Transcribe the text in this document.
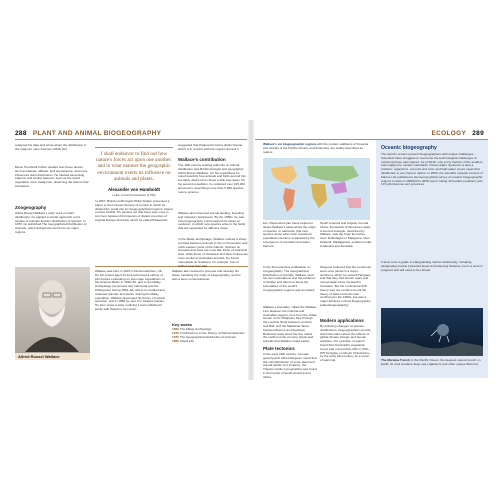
288 PLANT AND ANIMAL BIOGEOGRAPHY	ECOLOGY 289
analysed his data and wrote about the distribution in the magnum opus Kosmos (1845–62).
Baron Humboldt further studied how these factors such as latitude, altitude, and temperature, and more influenced plant distribution. He tracked ascending patterns and similar features, such as the world vegetation zone categories, observing the factors that interacted.
Zoogeography
Alfred Russel Wallace's early work on plant distribution, he applied a similar approach to his studies of animals and the distribution of species. In 1876, he published The Geographical Distribution of Animals, which divided the world into six major regions.
Alfred Russel Wallace
I shall endeavor to find out how nature's forces act upon one another, and in what manner the geographic environment exerts its influence on animals and plants.
Alexander von Humboldt
Letter to Karl Freiesleben (1799)
In 1857, British ornithologist Philip Sclater presented a paper to the Linnean Society of London in which he divided the world into six biogeographical regions, based on their birdlife. He pointed out that there was more in common between bird species of distant countries of tropical Europe and Asia, which he called Palaearctic.
Wallace was born in 1823 in Monmouthshire, UK. He left school aged 14 and performed a variety of jobs before embarking on two major expeditions: to the Amazon Basin in 1848–52, and to the Malay Archipelago (at present-day Indonesia and the Philippines) during 1854–62, where he studied and collected animals and plants. During his Malay expedition, Wallace developed his theory of natural selection, and in 1858 he sent it to Charles Darwin. He then wrote a letter outlining it and published it jointly with Darwin's own work.
suggested that Palaearctic had a distinct fauna, which is in tension with the regions around it.
Wallace's contribution
The 19th-century leading authority on animal distribution was British biologist and geographer Alfred Russel Wallace. On his expeditions he noted carefully how animals and birds around him are likely distinct from those a little way away. On his second expedition, he collected over 125,000 specimens, describing more than 5,000 species new to science.
Wallace also observed animal feeding, breeding and migratory behaviours. By the 1850s, he saw how biogeography could support his ideas on evolution, in which new species arise in the fields that are separated by different areas.
In the Malay archipelago, Wallace noticed a sharp contrast between animals in the north-western and north-eastern parts of the islands. Species on Sumatra and Java are more like those of mainland Asia, while those on Sulawesi and New Guinea are more similar to Australian animals. He found marsupials on Sulawesi, for example, but no further west than that.
Wallace later worked to promote and develop his ideas, including the study of biogeography, and he was a keen conservationist.
Key works
1869 The Malay Archipelago
1870 Contributions to the Theory of Natural Selection
1876 The Geographical Distribution of Animals
1880 Island Life
Wallace's six biogeographic regions with the modern additions of Oceania (the islands of the Pacific Ocean) and Antarctica, are widely described as realms.
line. Discoveries like these helped to shape Wallace's ideas about the origin of species, in particular, that new species arose when their ancestors' populations became separated by the emergence of mountain and water barriers.
In the first extensive publication on zoogeography, The Geographical Distribution of Animals, Wallace used his own explorations and the evidence of Sclater and others to show the boundaries of the world's zoogeographic regions was as stated.
Wallace's boundary, called the Wallace Line between the Oriental and Australian regions, runs from the Indian Ocean to the Philippine Sea through the Lombok Strait between Lombok and Bali, and the Makassar Strait between Borneo and Sulawesi. Botanical maps show the line marks the northern limit of many plants and animals that Wallace noted earlier.
Plate tectonics
In the early 20th century, German geophysicist Alfred Wegener noted that the odd distribution of some plant and animal fossils. For instance, the Triassic reptile Cynognathus was found in the fossils of South America and Africa.
South America and Angola, Central Africa, thousands of kilometres apart. A second example, described by Wallace, was the body fermenter trees Nothofagus in Patagonia, New Zealand, Madagascar, southern India, Antarctica and Australia.
Wegener believed that the continents were once joined in a super-continent, which he named Pangaea, and that they had broken apart and moved apart since the Earth's formation. But his 'continental drift' theory was not confirmed until the theory of plate tectonics was confirmed in the 1960s, but was a major advance in fixed biogeography (paleobiogeography).
Modern applications
By following changes of species distributions, biogeographers provide vital information about the effects of global climate change and human activities. For example, research found that Humboldt's vegetation zones had moved 210–250 m (700–875 ft) higher on Mount Chimborazo by the early 21st century as a result of warming.
Oceanic biogeography
The world's oceans present biogeographers with unique challenges. Scientists have struggled to overcome the technological challenges of exploring these vast spaces. As of 2018, only a tiny fraction of the seafloor was mapped to modern standards. Ocean water dynamics is also a problem: organisms, currents and cold- and high-water zones mean that distribution is very hard to define. In 2009, the scientific network Census of Marine Life published a pioneering global survey of oceanic biogeographic regions to date in UNESCO's 2009 report, listing 30 benthic (seafloor) and 10 hydrothermal vent provinces.
It aims to be a guide to safeguarding marine biodiversity, including designating marine protected areas and planning fisheries, but is a work in progress and will need to be refined.
The Mariana Trench in the Pacific Ocean, the deepest natural trench on Earth; its mud contains deep-sea organisms and other unique lifeforms.
